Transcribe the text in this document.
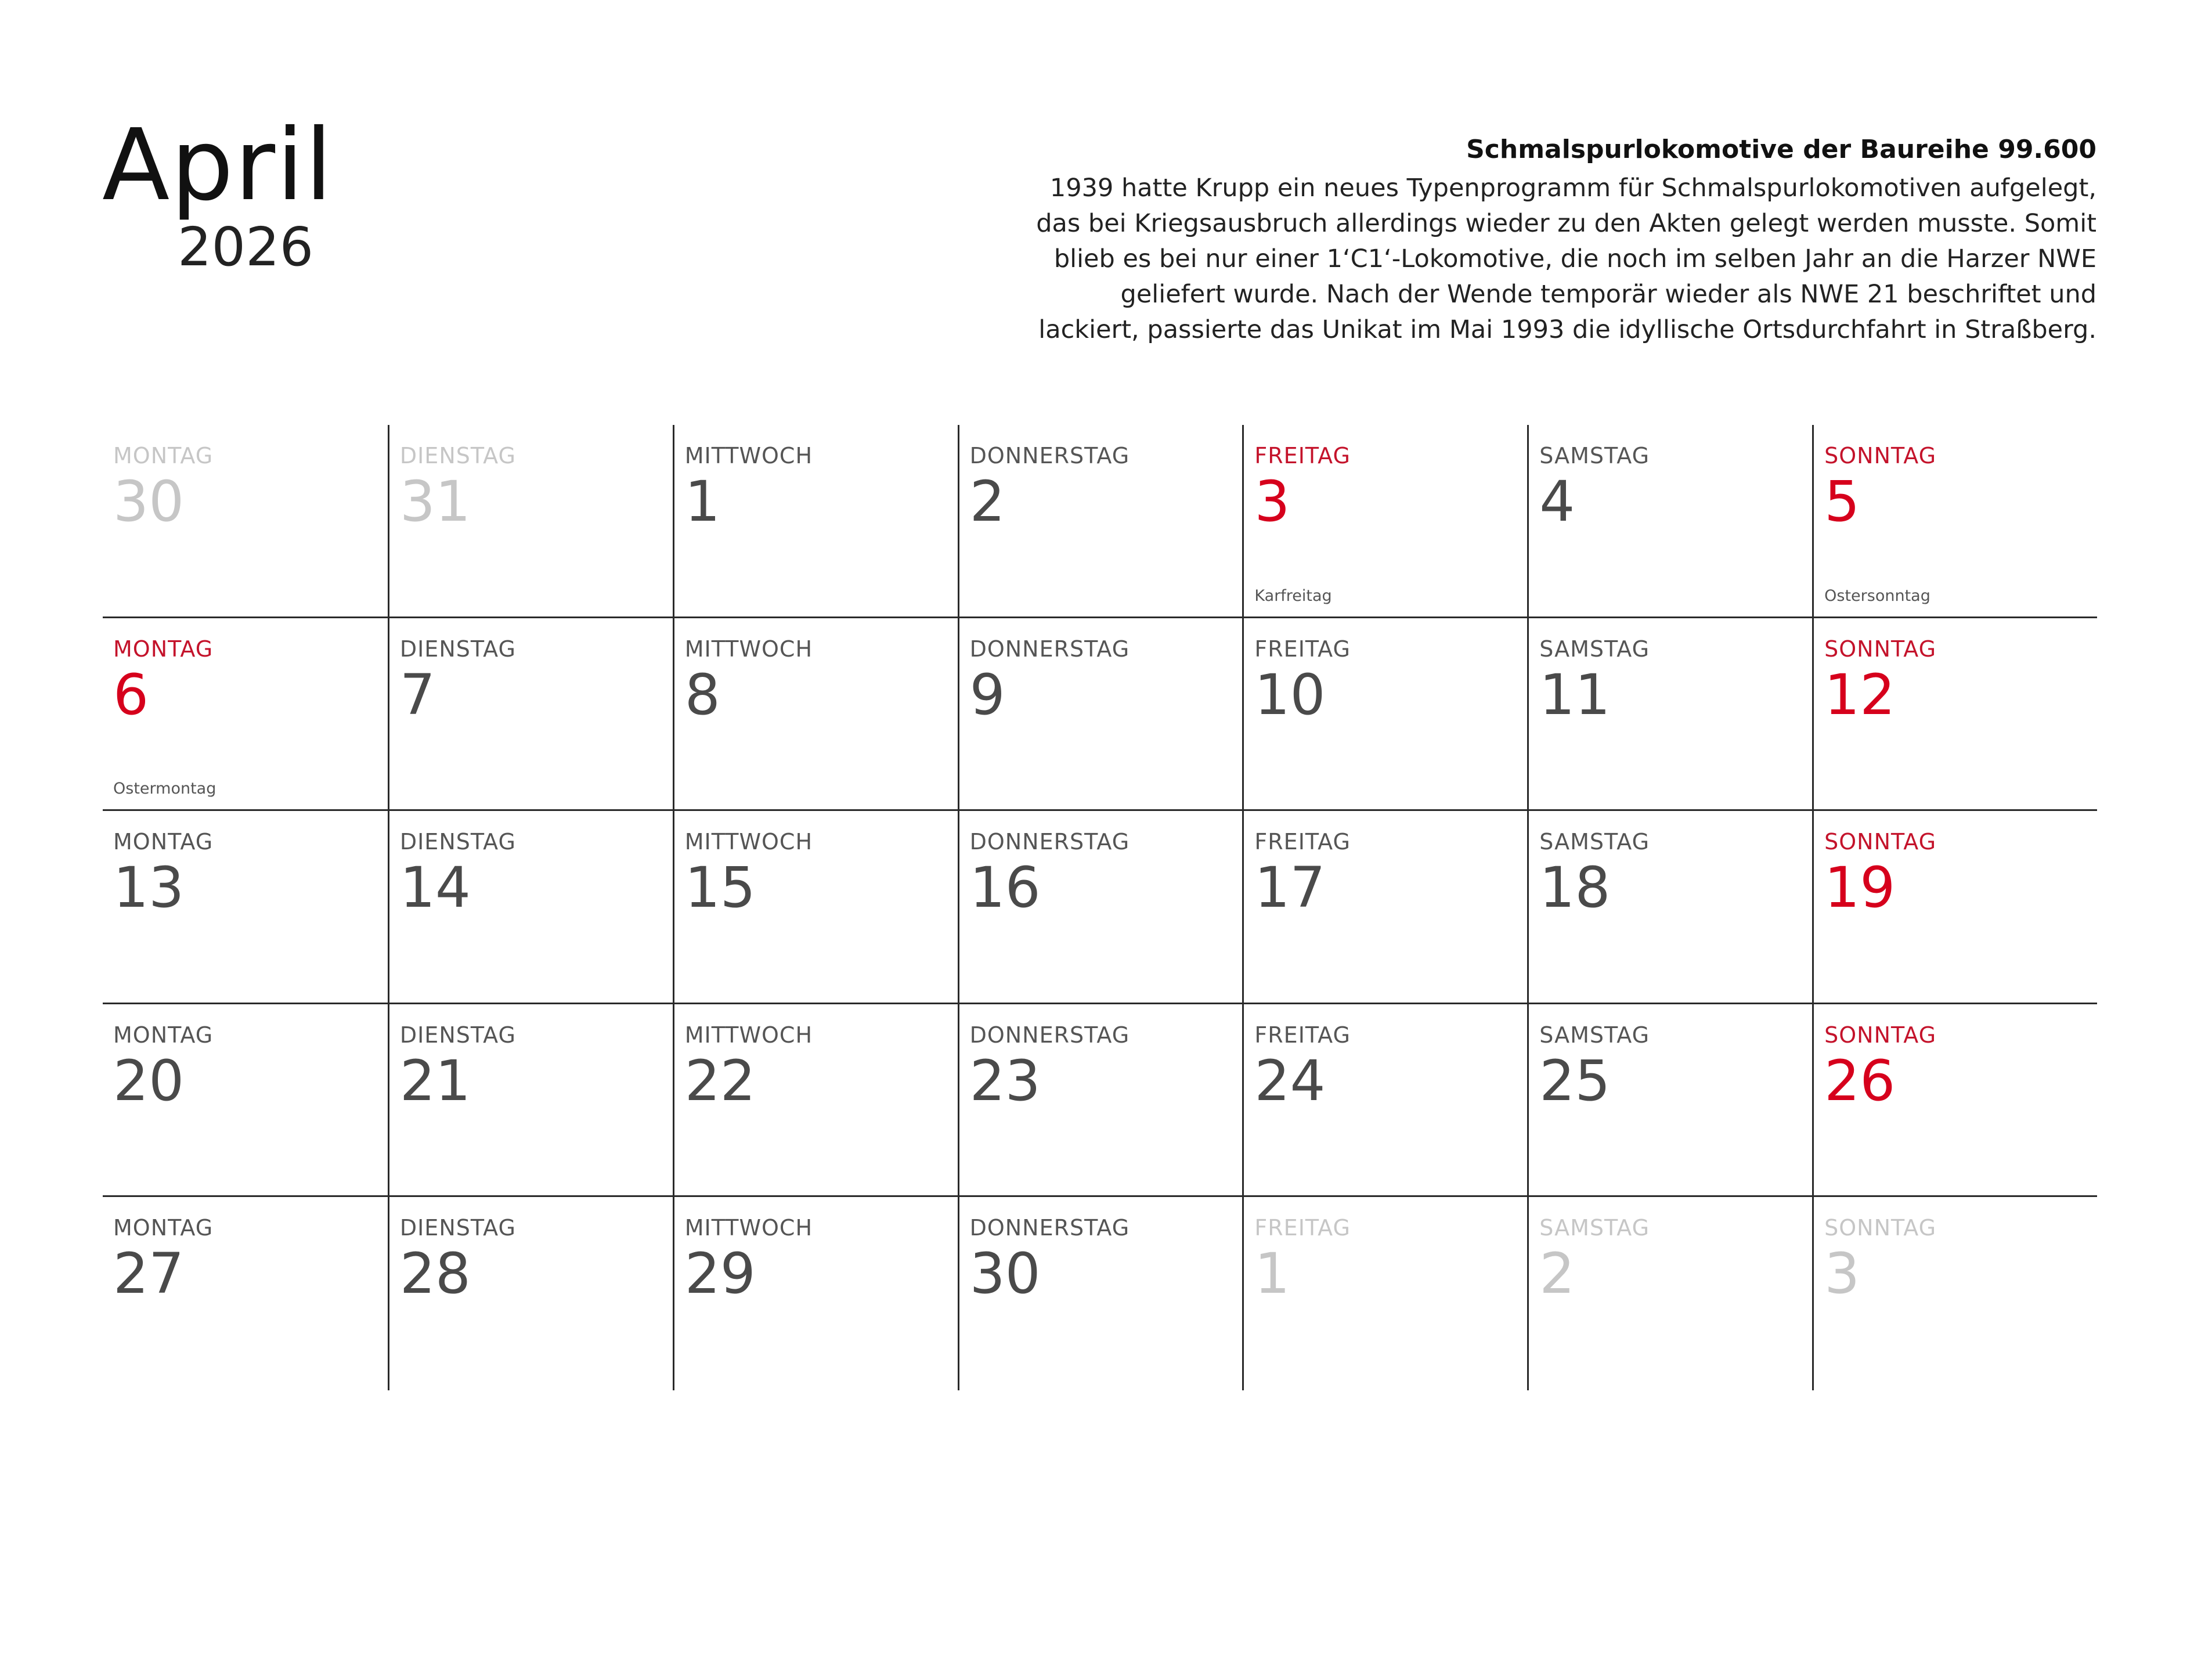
April
2026
Schmalspurlokomotive der Baureihe 99.600
1939 hatte Krupp ein neues Typenprogramm für Schmalspurlokomotiven aufgelegt,
das bei Kriegsausbruch allerdings wieder zu den Akten gelegt werden musste. Somit
blieb es bei nur einer 1‘C1‘-Lokomotive, die noch im selben Jahr an die Harzer NWE
geliefert wurde. Nach der Wende temporär wieder als NWE 21 beschriftet und
lackiert, passierte das Unikat im Mai 1993 die idyllische Ortsdurchfahrt in Straßberg.
MONTAG
30
DIENSTAG
31
MITTWOCH
1
DONNERSTAG
2
FREITAG
3
Karfreitag
SAMSTAG
4
SONNTAG
5
Ostersonntag
MONTAG
6
Ostermontag
DIENSTAG
7
MITTWOCH
8
DONNERSTAG
9
FREITAG
10
SAMSTAG
11
SONNTAG
12
MONTAG
13
DIENSTAG
14
MITTWOCH
15
DONNERSTAG
16
FREITAG
17
SAMSTAG
18
SONNTAG
19
MONTAG
20
DIENSTAG
21
MITTWOCH
22
DONNERSTAG
23
FREITAG
24
SAMSTAG
25
SONNTAG
26
MONTAG
27
DIENSTAG
28
MITTWOCH
29
DONNERSTAG
30
FREITAG
1
SAMSTAG
2
SONNTAG
3
